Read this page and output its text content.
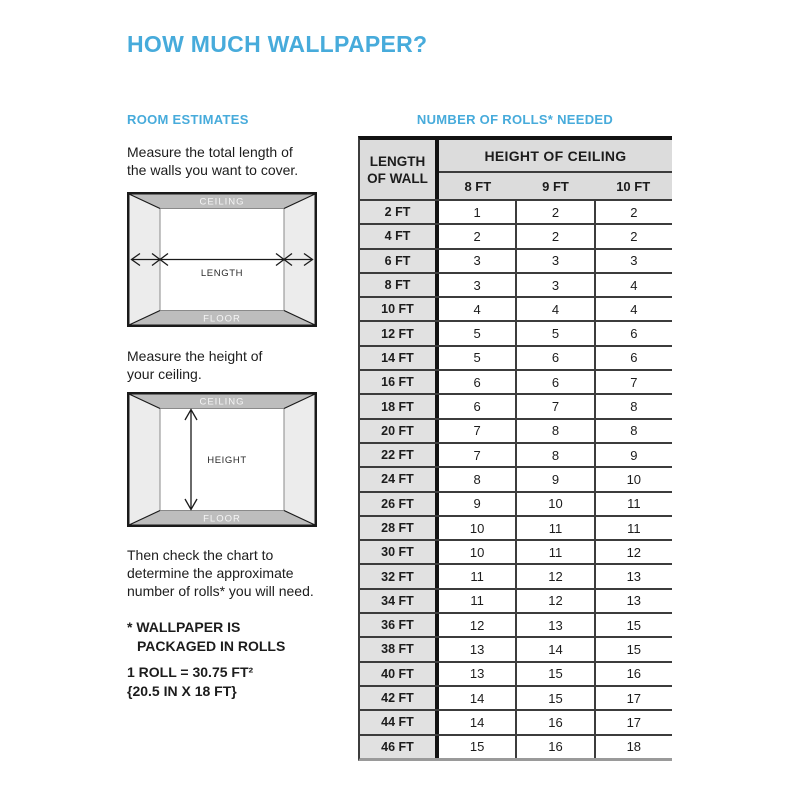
HOW MUCH WALLPAPER?
ROOM ESTIMATES
Measure the total length of
the walls you want to cover.
CEILING
FLOOR
LENGTH
Measure the height of
your ceiling.
CEILING
FLOOR
HEIGHT
Then check the chart to
determine the approximate
number of rolls* you will need.
* WALLPAPER IS
PACKAGED IN ROLLS
1 ROLL = 30.75 FT²
{20.5 IN X 18 FT}
NUMBER OF ROLLS* NEEDED
LENGTH
OF WALL
HEIGHT OF CEILING
8 FT	9 FT	10 FT
2 FT	1	2	2
4 FT	2	2	2
6 FT	3	3	3
8 FT	3	3	4
10 FT	4	4	4
12 FT	5	5	6
14 FT	5	6	6
16 FT	6	6	7
18 FT	6	7	8
20 FT	7	8	8
22 FT	7	8	9
24 FT	8	9	10
26 FT	9	10	11
28 FT	10	11	11
30 FT	10	11	12
32 FT	11	12	13
34 FT	11	12	13
36 FT	12	13	15
38 FT	13	14	15
40 FT	13	15	16
42 FT	14	15	17
44 FT	14	16	17
46 FT	15	16	18
